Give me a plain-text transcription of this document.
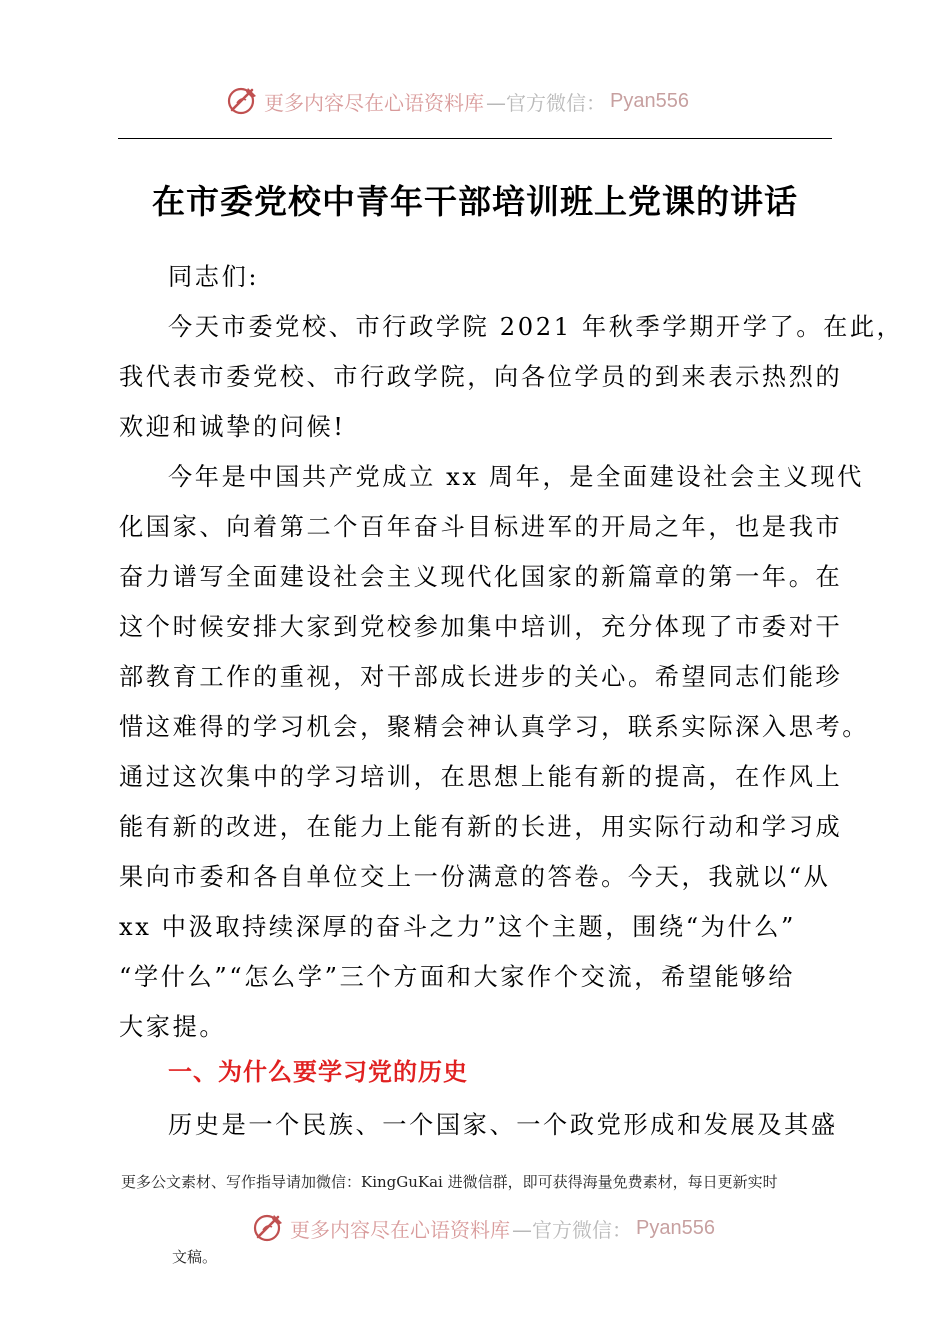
更多内容尽在心语资料库 —官方微信： Pyan556
在市委党校中青年干部培训班上党课的讲话
同志们:
今天市委党校、市行政学院 2021 年秋季学期开学了。在此，
我代表市委党校、市行政学院，向各位学员的到来表示热烈的
欢迎和诚挚的问候!
今年是中国共产党成立 xx 周年，是全面建设社会主义现代
化国家、向着第二个百年奋斗目标进军的开局之年，也是我市
奋力谱写全面建设社会主义现代化国家的新篇章的第一年。在
这个时候安排大家到党校参加集中培训，充分体现了市委对干
部教育工作的重视，对干部成长进步的关心。希望同志们能珍
惜这难得的学习机会，聚精会神认真学习，联系实际深入思考。
通过这次集中的学习培训，在思想上能有新的提高，在作风上
能有新的改进，在能力上能有新的长进，用实际行动和学习成
果向市委和各自单位交上一份满意的答卷。今天，我就以“从
xx 中汲取持续深厚的奋斗之力”这个主题，围绕“为什么”
“学什么”“怎么学”三个方面和大家作个交流，希望能够给
大家提。
一、为什么要学习党的历史
历史是一个民族、一个国家、一个政党形成和发展及其盛
更多公文素材、写作指导请加微信：KingGuKai 进微信群，即可获得海量免费素材，每日更新实时
更多内容尽在心语资料库 —官方微信： Pyan556
文稿。
